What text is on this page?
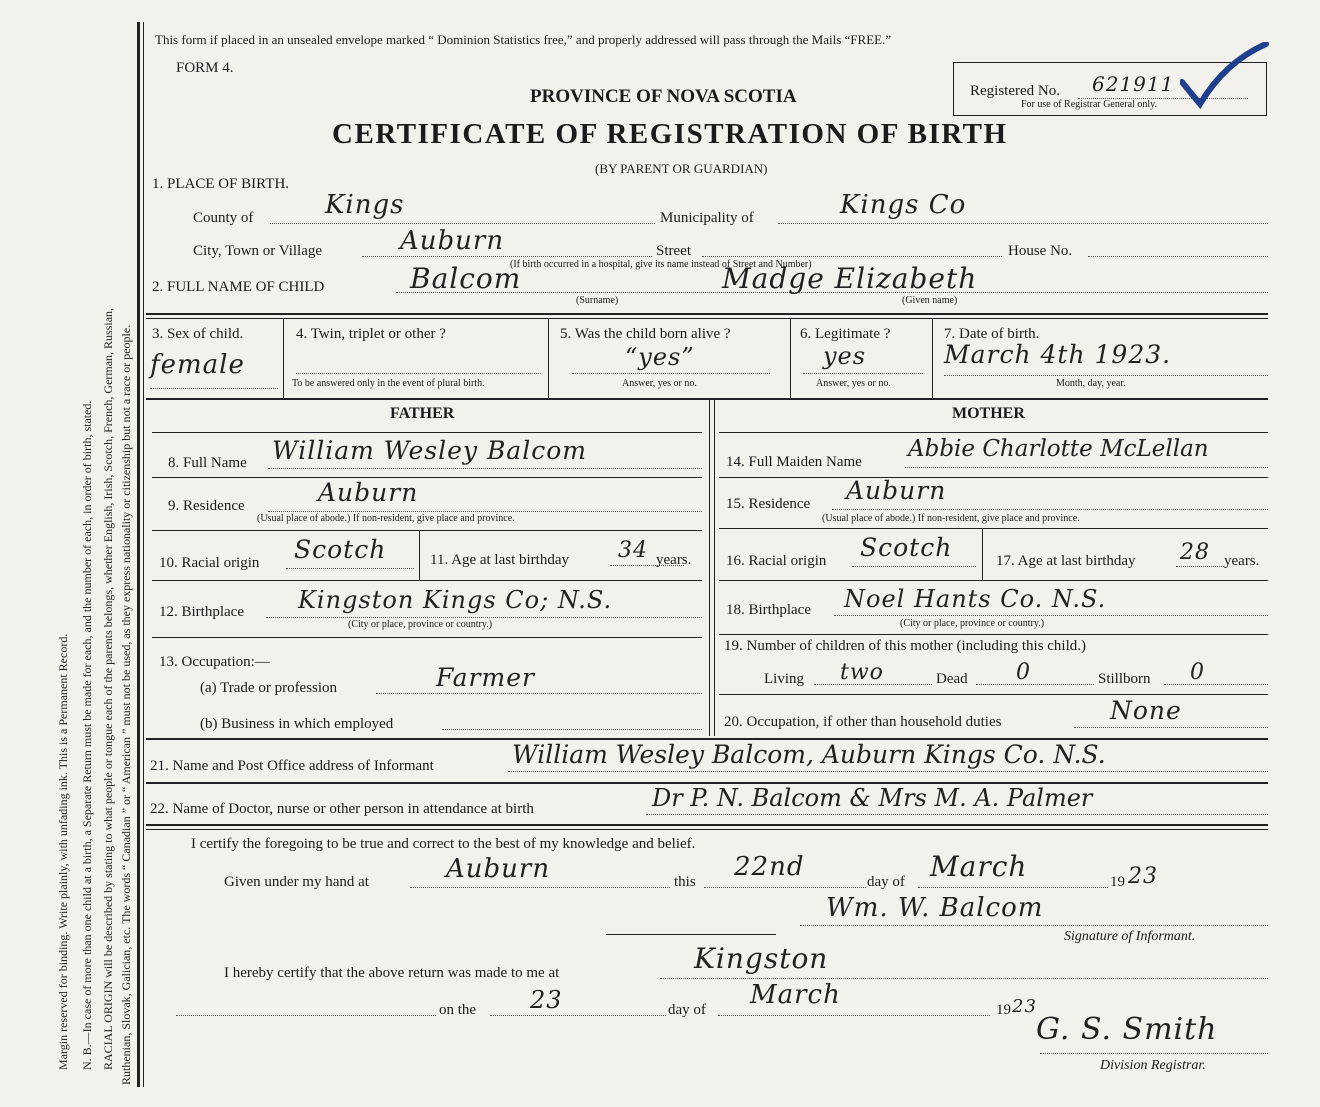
Margin reserved for binding. Write plainly, with unfading ink. This is a Permanent Record. N. B.—In case of more than one child at a birth, a Separate Return must be made for each, and the number of each, in order of birth, stated. RACIAL ORIGIN will be described by stating to what people or tongue each of the parents belongs, whether English, Irish, Scotch, French, German, Russian, Ruthenian, Slovak, Galician, etc. The words “ Canadian ” or “ American ” must not be used, as they express nationality or citizenship but not a race or people.
This form if placed in an unsealed envelope marked “ Dominion Statistics free,” and properly addressed will pass through the Mails “FREE.”
FORM 4.
PROVINCE OF NOVA SCOTIA
CERTIFICATE OF REGISTRATION OF BIRTH
(BY PARENT OR GUARDIAN)
Registered No. 621911
For use of Registrar General only.
1. PLACE OF BIRTH.
County of	Kings	Municipality of	Kings Co
City, Town or Village	Auburn	Street	House No.
(If birth occurred in a hospital, give its name instead of Street and Number)
2. FULL NAME OF CHILD	Balcom	Madge Elizabeth
(Surname)	(Given name)
3. Sex of child.
female
4. Twin, triplet or other ?
To be answered only in the event of plural birth.
5. Was the child born alive ?
“yes”
Answer, yes or no.
6. Legitimate ?
yes
Answer, yes or no.
7. Date of birth.
March 4th 1923.
Month, day, year.
FATHER	MOTHER
8. Full Name William Wesley Balcom
9. Residence	Auburn
(Usual place of abode.) If non-resident, give place and province.
10. Racial origin Scotch	11. Age at last birthday 34 years.
12. Birthplace Kingston Kings Co; N.S.
(City or place, province or country.)
13. Occupation:—
(a) Trade or profession	Farmer
(b) Business in which employed
14. Full Maiden Name Abbie Charlotte McLellan
15. Residence Auburn
(Usual place of abode.) If non-resident, give place and province.
16. Racial origin Scotch	17. Age at last birthday 28 years.
18. Birthplace Noel Hants Co. N.S.
(City or place, province or country.)
19. Number of children of this mother (including this child.)
Living two	Dead 0	Stillborn 0
20. Occupation, if other than household duties	None
21. Name and Post Office address of Informant	William Wesley Balcom, Auburn Kings Co. N.S.
22. Name of Doctor, nurse or other person in attendance at birth	Dr P. N. Balcom & Mrs M. A. Palmer
I certify the foregoing to be true and correct to the best of my knowledge and belief.
Given under my hand at	Auburn	this 22nd	day of March	19 23
Wm. W. Balcom
Signature of Informant.
I hereby certify that the above return was made to me at	Kingston
on the 23	day of March	19 23
G. S. Smith
Division Registrar.
